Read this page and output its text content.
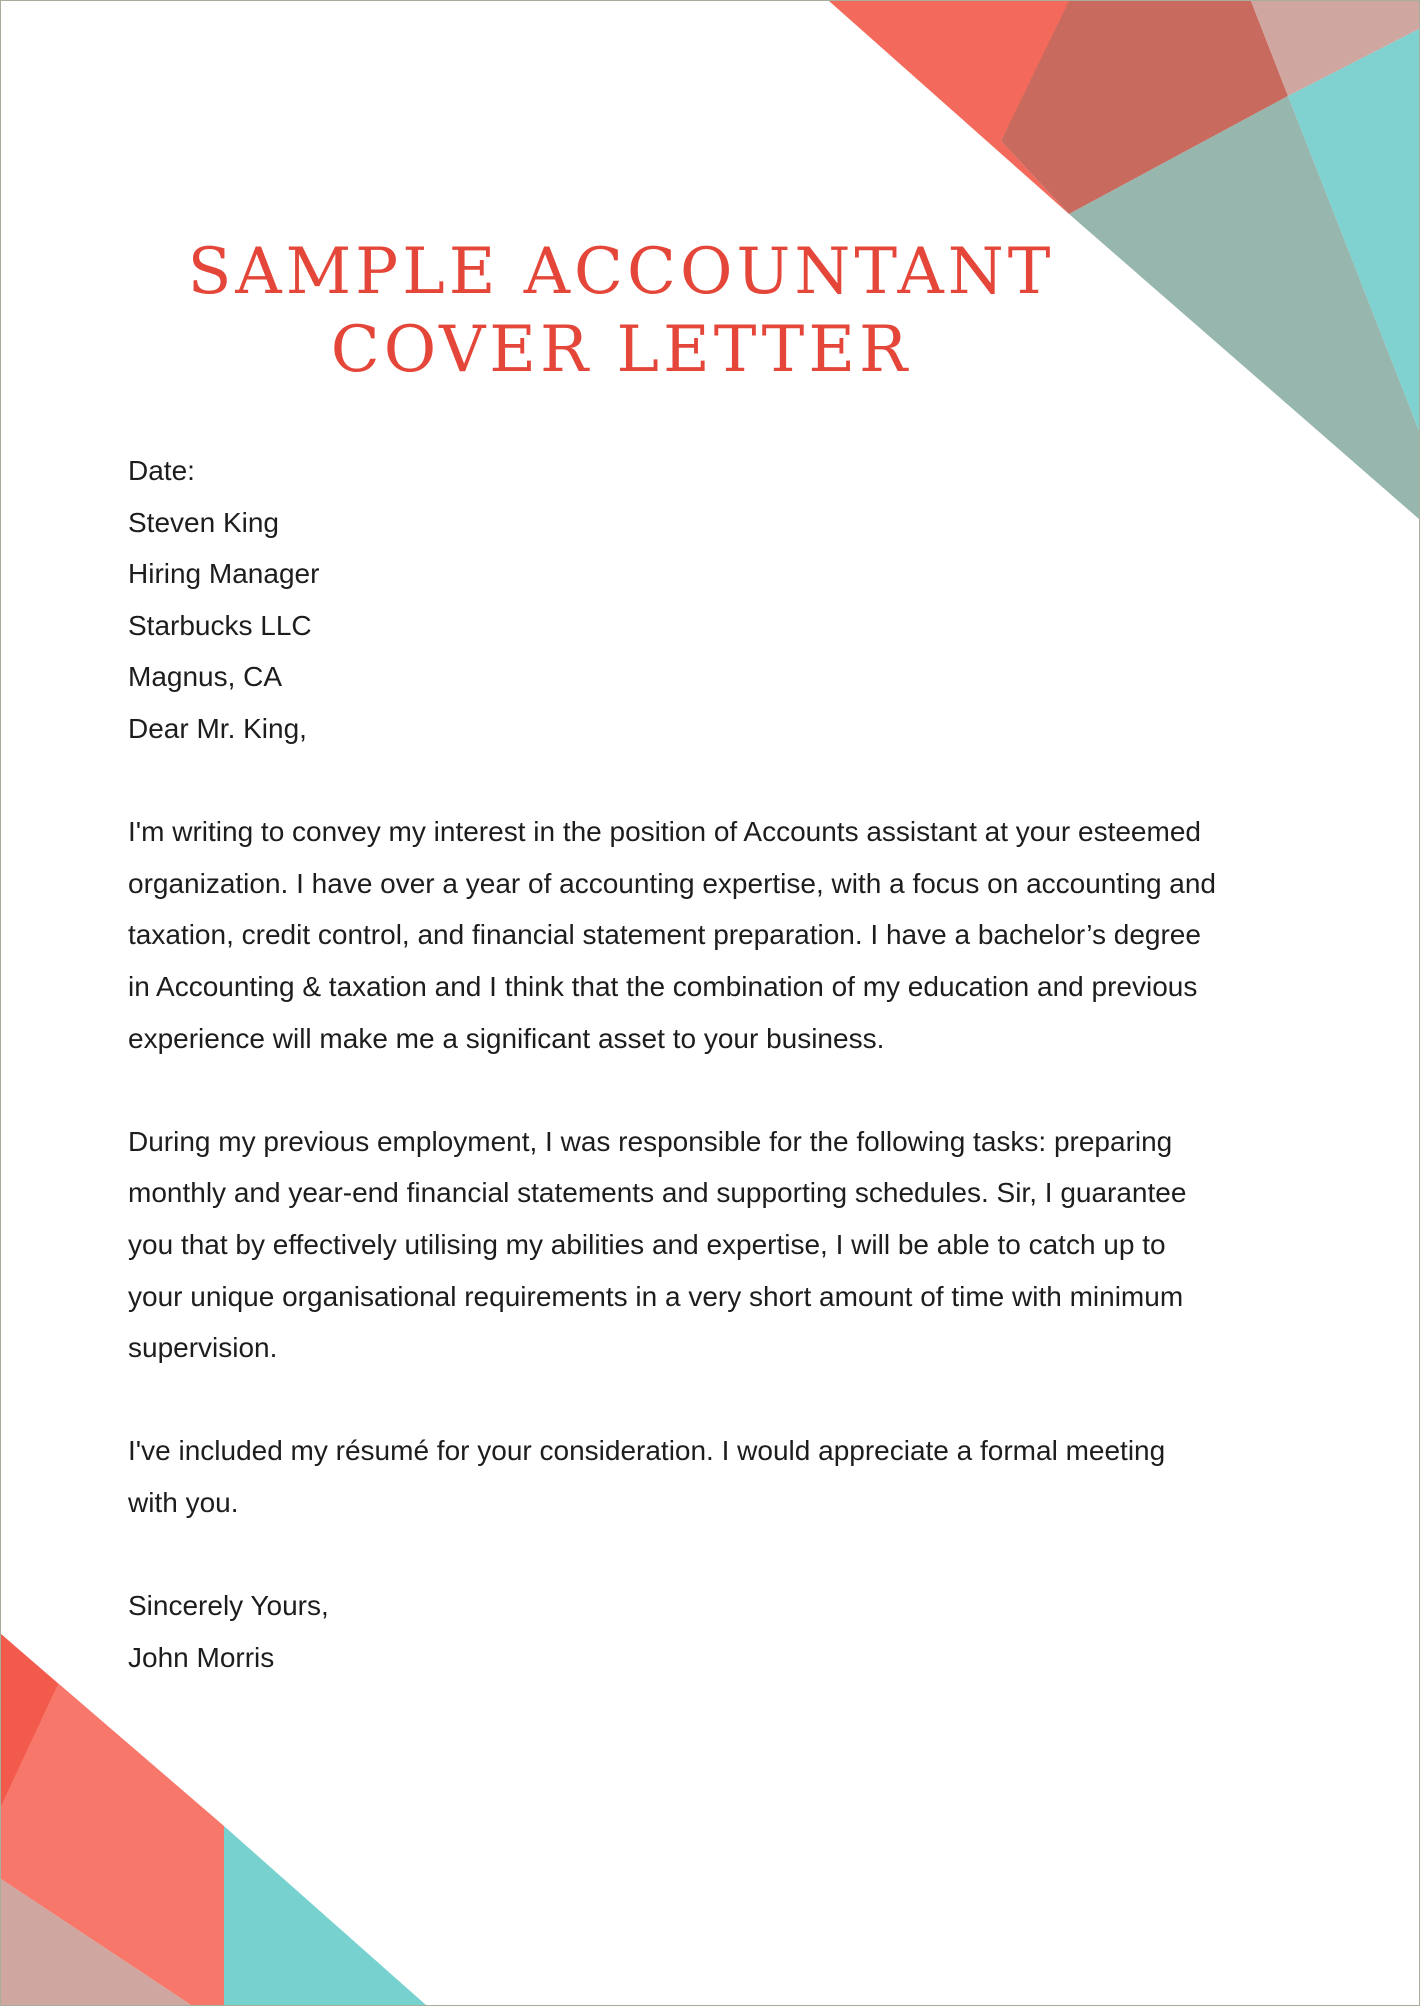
SAMPLE ACCOUNTANT
COVER LETTER
Date:
Steven King
Hiring Manager
Starbucks LLC
Magnus, CA
Dear Mr. King,
I'm writing to convey my interest in the position of Accounts assistant at your esteemed
organization. I have over a year of accounting expertise, with a focus on accounting and
taxation, credit control, and financial statement preparation. I have a bachelor’s degree
in Accounting & taxation and I think that the combination of my education and previous
experience will make me a significant asset to your business.
During my previous employment, I was responsible for the following tasks: preparing
monthly and year-end financial statements and supporting schedules. Sir, I guarantee
you that by effectively utilising my abilities and expertise, I will be able to catch up to
your unique organisational requirements in a very short amount of time with minimum
supervision.
I've included my résumé for your consideration. I would appreciate a formal meeting
with you.
Sincerely Yours,
John Morris
